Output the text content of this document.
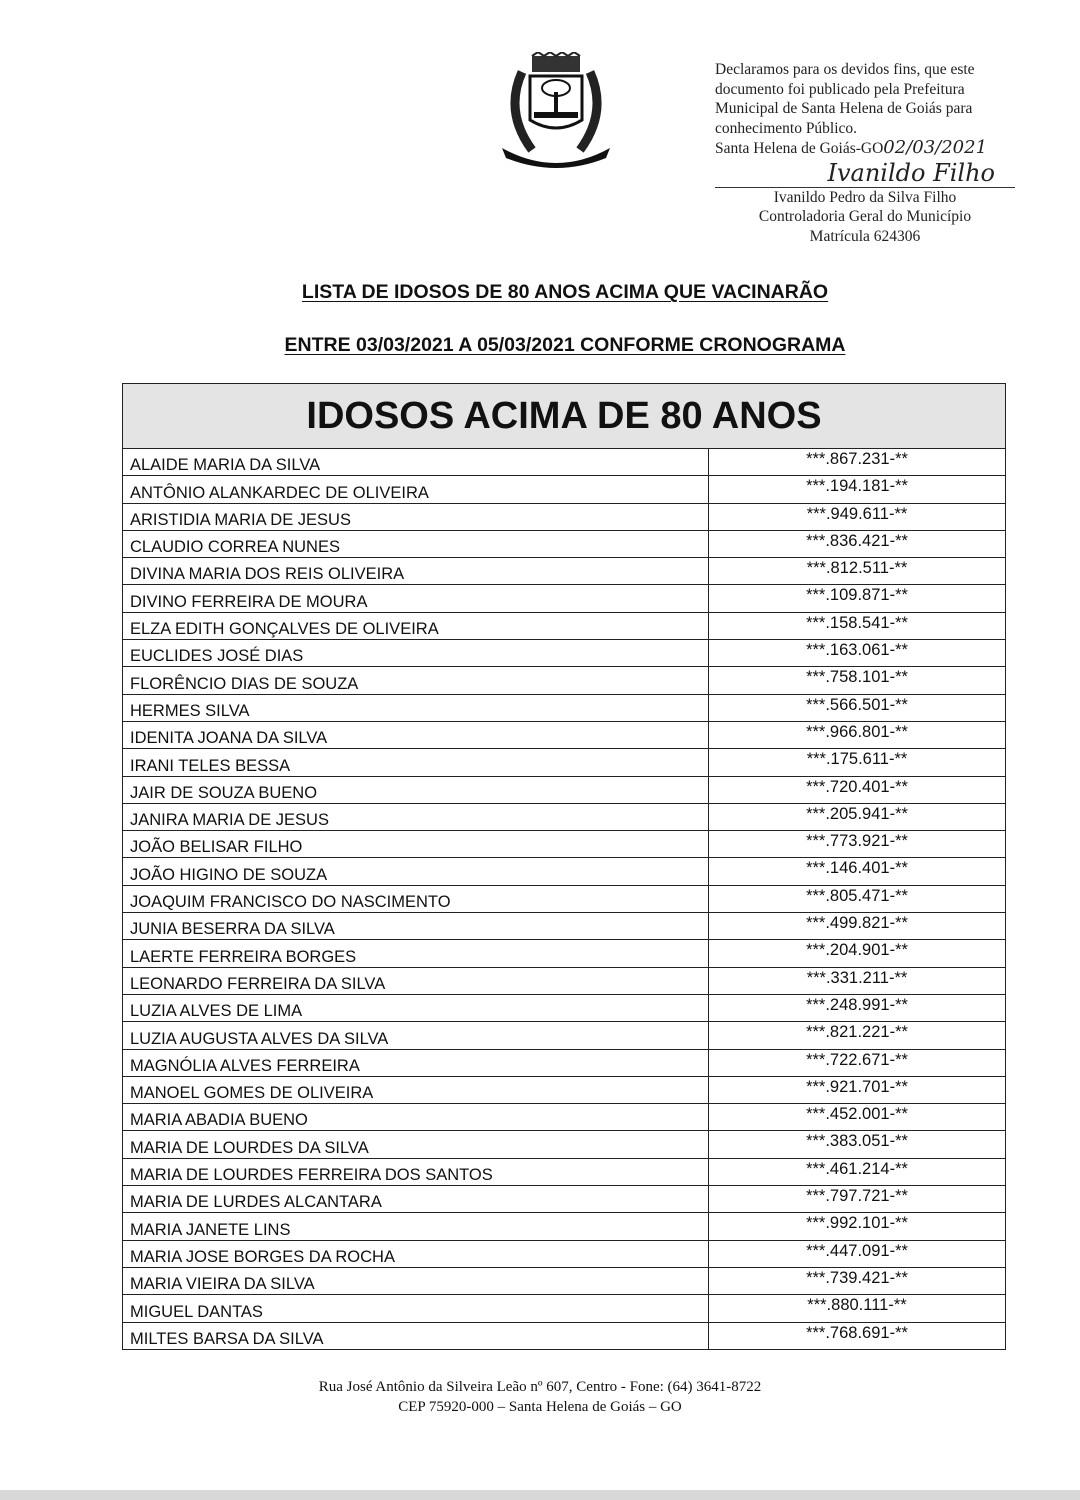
Declaramos para os devidos fins, que este
documento foi publicado pela Prefeitura
Municipal de Santa Helena de Goiás para
conhecimento Público.
Santa Helena de Goiás-GO02/03/2021
Ivanildo Filho
Ivanildo Pedro da Silva Filho
Controladoria Geral do Município
Matrícula 624306
LISTA DE IDOSOS DE 80 ANOS ACIMA QUE VACINARÃO
ENTRE 03/03/2021 A 05/03/2021 CONFORME CRONOGRAMA
IDOSOS ACIMA DE 80 ANOS	
ALAIDE MARIA DA SILVA	***.867.231-**
ANTÔNIO ALANKARDEC DE OLIVEIRA	***.194.181-**
ARISTIDIA MARIA DE JESUS	***.949.611-**
CLAUDIO CORREA NUNES	***.836.421-**
DIVINA MARIA DOS REIS OLIVEIRA	***.812.511-**
DIVINO FERREIRA DE MOURA	***.109.871-**
ELZA EDITH GONÇALVES DE OLIVEIRA	***.158.541-**
EUCLIDES JOSÉ DIAS	***.163.061-**
FLORÊNCIO DIAS DE SOUZA	***.758.101-**
HERMES SILVA	***.566.501-**
IDENITA JOANA DA SILVA	***.966.801-**
IRANI TELES BESSA	***.175.611-**
JAIR DE SOUZA BUENO	***.720.401-**
JANIRA MARIA DE JESUS	***.205.941-**
JOÃO BELISAR FILHO	***.773.921-**
JOÃO HIGINO DE SOUZA	***.146.401-**
JOAQUIM FRANCISCO DO NASCIMENTO	***.805.471-**
JUNIA BESERRA DA SILVA	***.499.821-**
LAERTE FERREIRA BORGES	***.204.901-**
LEONARDO FERREIRA DA SILVA	***.331.211-**
LUZIA ALVES DE LIMA	***.248.991-**
LUZIA AUGUSTA ALVES DA SILVA	***.821.221-**
MAGNÓLIA ALVES FERREIRA	***.722.671-**
MANOEL GOMES DE OLIVEIRA	***.921.701-**
MARIA ABADIA BUENO	***.452.001-**
MARIA DE LOURDES DA SILVA	***.383.051-**
MARIA DE LOURDES FERREIRA DOS SANTOS	***.461.214-**
MARIA DE LURDES ALCANTARA	***.797.721-**
MARIA JANETE LINS	***.992.101-**
MARIA JOSE BORGES DA ROCHA	***.447.091-**
MARIA VIEIRA DA SILVA	***.739.421-**
MIGUEL DANTAS	***.880.111-**
MILTES BARSA DA SILVA	***.768.691-**
Rua José Antônio da Silveira Leão nº 607, Centro - Fone: (64) 3641-8722
CEP 75920-000 – Santa Helena de Goiás – GO
